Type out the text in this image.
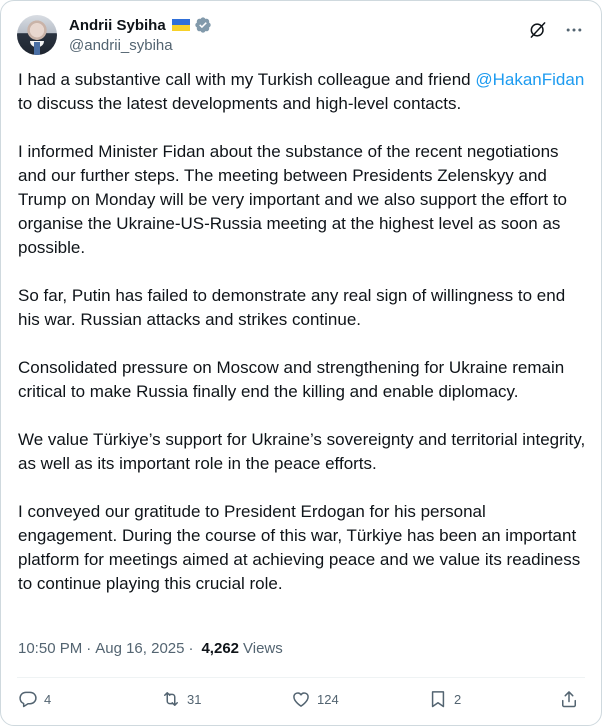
Andrii Sybiha
@andrii_sybiha

I had a substantive call with my Turkish colleague and friend @HakanFidan to discuss the latest developments and high-level contacts.

I informed Minister Fidan about the substance of the recent negotiations and our further steps. The meeting between Presidents Zelenskyy and Trump on Monday will be very important and we also support the effort to organise the Ukraine-US-Russia meeting at the highest level as soon as possible.

So far, Putin has failed to demonstrate any real sign of willingness to end his war. Russian attacks and strikes continue.

Consolidated pressure on Moscow and strengthening for Ukraine remain critical to make Russia finally end the killing and enable diplomacy.

We value Türkiye’s support for Ukraine’s sovereignty and territorial integrity, as well as its important role in the peace efforts.

I conveyed our gratitude to President Erdogan for his personal engagement. During the course of this war, Türkiye has been an important platform for meetings aimed at achieving peace and we value its readiness to continue playing this crucial role.

10:50 PM · Aug 16, 2025 · 4,262 Views
4	31	124	2
